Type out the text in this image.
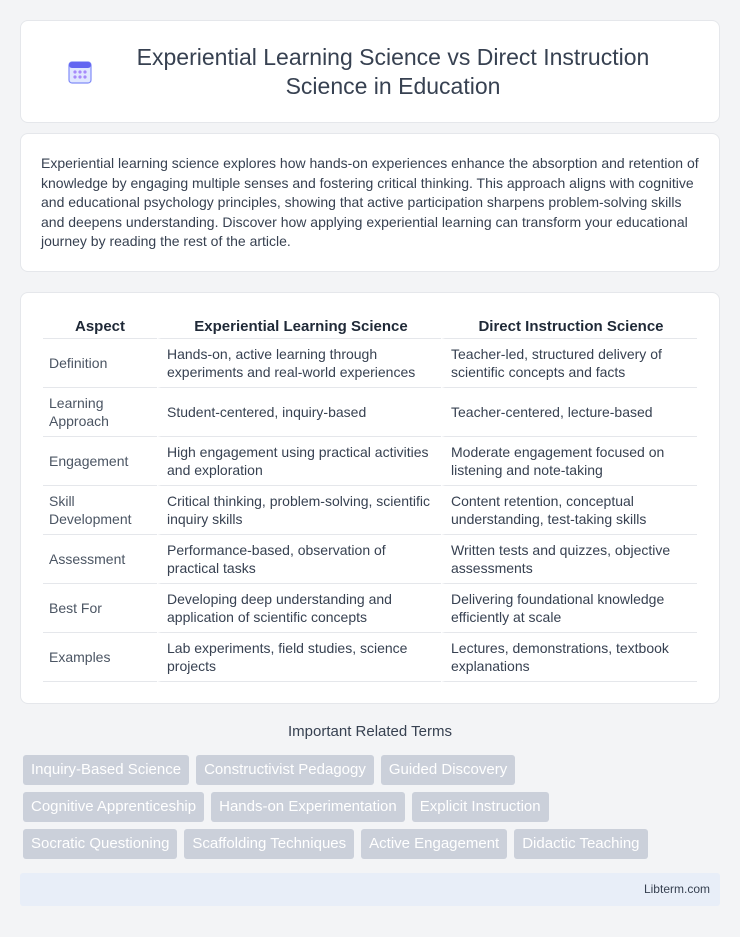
Experiential Learning Science vs Direct Instruction Science in Education

Experiential learning science explores how hands-on experiences enhance the absorption and retention of knowledge by engaging multiple senses and fostering critical thinking. This approach aligns with cognitive and educational psychology principles, showing that active participation sharpens problem-solving skills and deepens understanding. Discover how applying experiential learning can transform your educational journey by reading the rest of the article.

Aspect	Experiential Learning Science	Direct Instruction Science
Definition	Hands-on, active learning through experiments and real-world experiences	Teacher-led, structured delivery of scientific concepts and facts
Learning Approach	Student-centered, inquiry-based	Teacher-centered, lecture-based
Engagement	High engagement using practical activities and exploration	Moderate engagement focused on listening and note-taking
Skill Development	Critical thinking, problem-solving, scientific inquiry skills	Content retention, conceptual understanding, test-taking skills
Assessment	Performance-based, observation of practical tasks	Written tests and quizzes, objective assessments
Best For	Developing deep understanding and application of scientific concepts	Delivering foundational knowledge efficiently at scale
Examples	Lab experiments, field studies, science projects	Lectures, demonstrations, textbook explanations
Important Related Terms
Inquiry-Based Science	Constructivist Pedagogy	Guided Discovery
Cognitive Apprenticeship	Hands-on Experimentation	Explicit Instruction
Socratic Questioning	Scaffolding Techniques	Active Engagement	Didactic Teaching
Libterm.com
